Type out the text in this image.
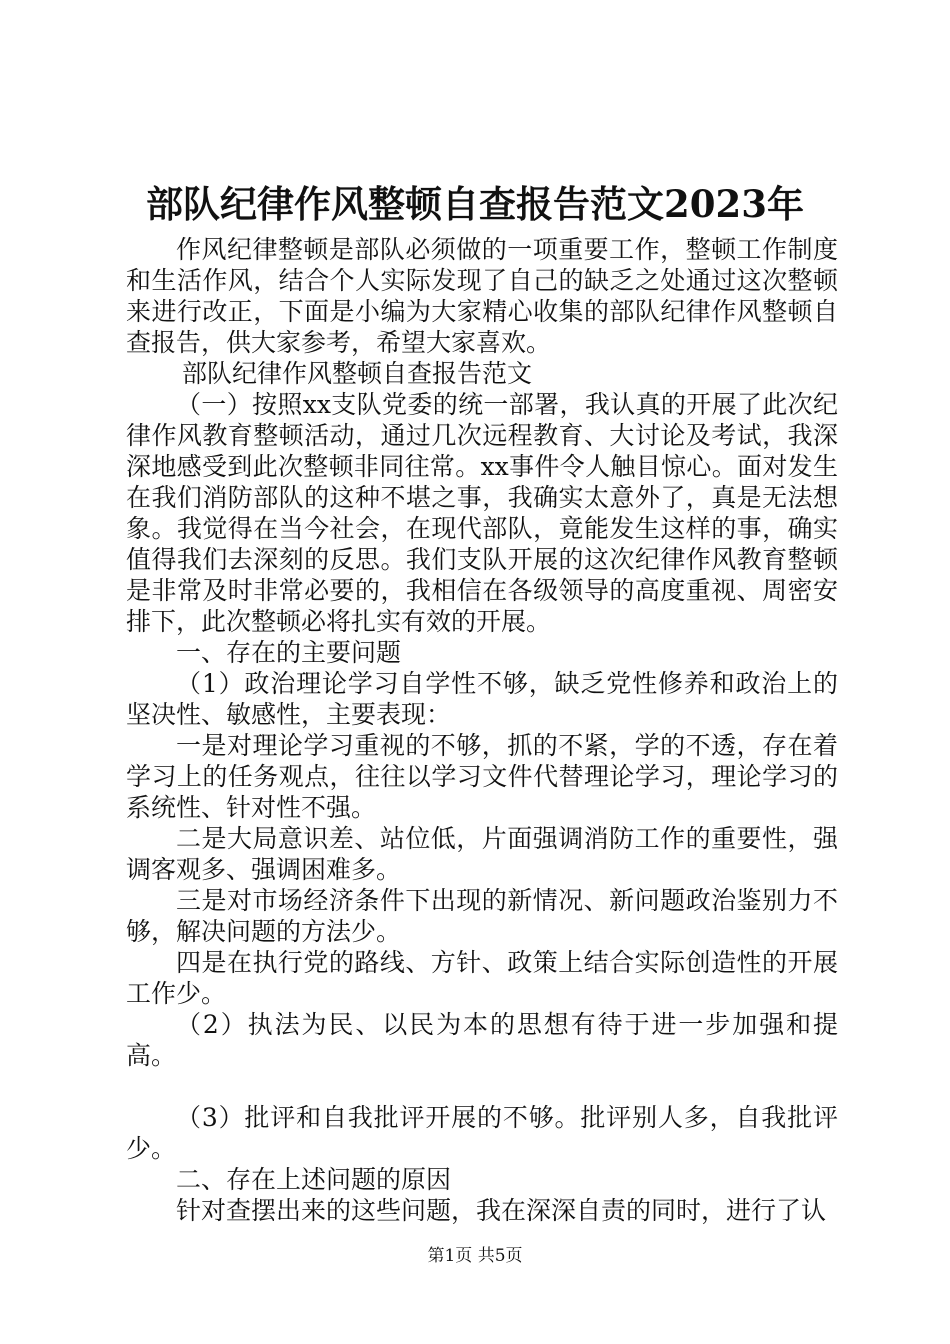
部队纪律作风整顿自查报告范文2023年

作风纪律整顿是部队必须做的一项重要工作，整顿工作制度和生活作风，结合个人实际发现了自己的缺乏之处通过这次整顿来进行改正，下面是小编为大家精心收集的部队纪律作风整顿自查报告，供大家参考，希望大家喜欢。

部队纪律作风整顿自查报告范文

（一）按照xx支队党委的统一部署，我认真的开展了此次纪律作风教育整顿活动，通过几次远程教育、大讨论及考试，我深深地感受到此次整顿非同往常。xx事件令人触目惊心。面对发生在我们消防部队的这种不堪之事，我确实太意外了，真是无法想象。我觉得在当今社会，在现代部队，竟能发生这样的事，确实值得我们去深刻的反思。我们支队开展的这次纪律作风教育整顿是非常及时非常必要的，我相信在各级领导的高度重视、周密安排下，此次整顿必将扎实有效的开展。

一、存在的主要问题

（1）政治理论学习自学性不够，缺乏党性修养和政治上的坚决性、敏感性，主要表现：

一是对理论学习重视的不够，抓的不紧，学的不透，存在着学习上的任务观点，往往以学习文件代替理论学习，理论学习的系统性、针对性不强。

二是大局意识差、站位低，片面强调消防工作的重要性，强调客观多、强调困难多。

三是对市场经济条件下出现的新情况、新问题政治鉴别力不够，解决问题的方法少。

四是在执行党的路线、方针、政策上结合实际创造性的开展工作少。

（2）执法为民、以民为本的思想有待于进一步加强和提高。

（3）批评和自我批评开展的不够。批评别人多，自我批评少。

二、存在上述问题的原因

针对查摆出来的这些问题，我在深深自责的同时，进行了认

第1页 共5页
